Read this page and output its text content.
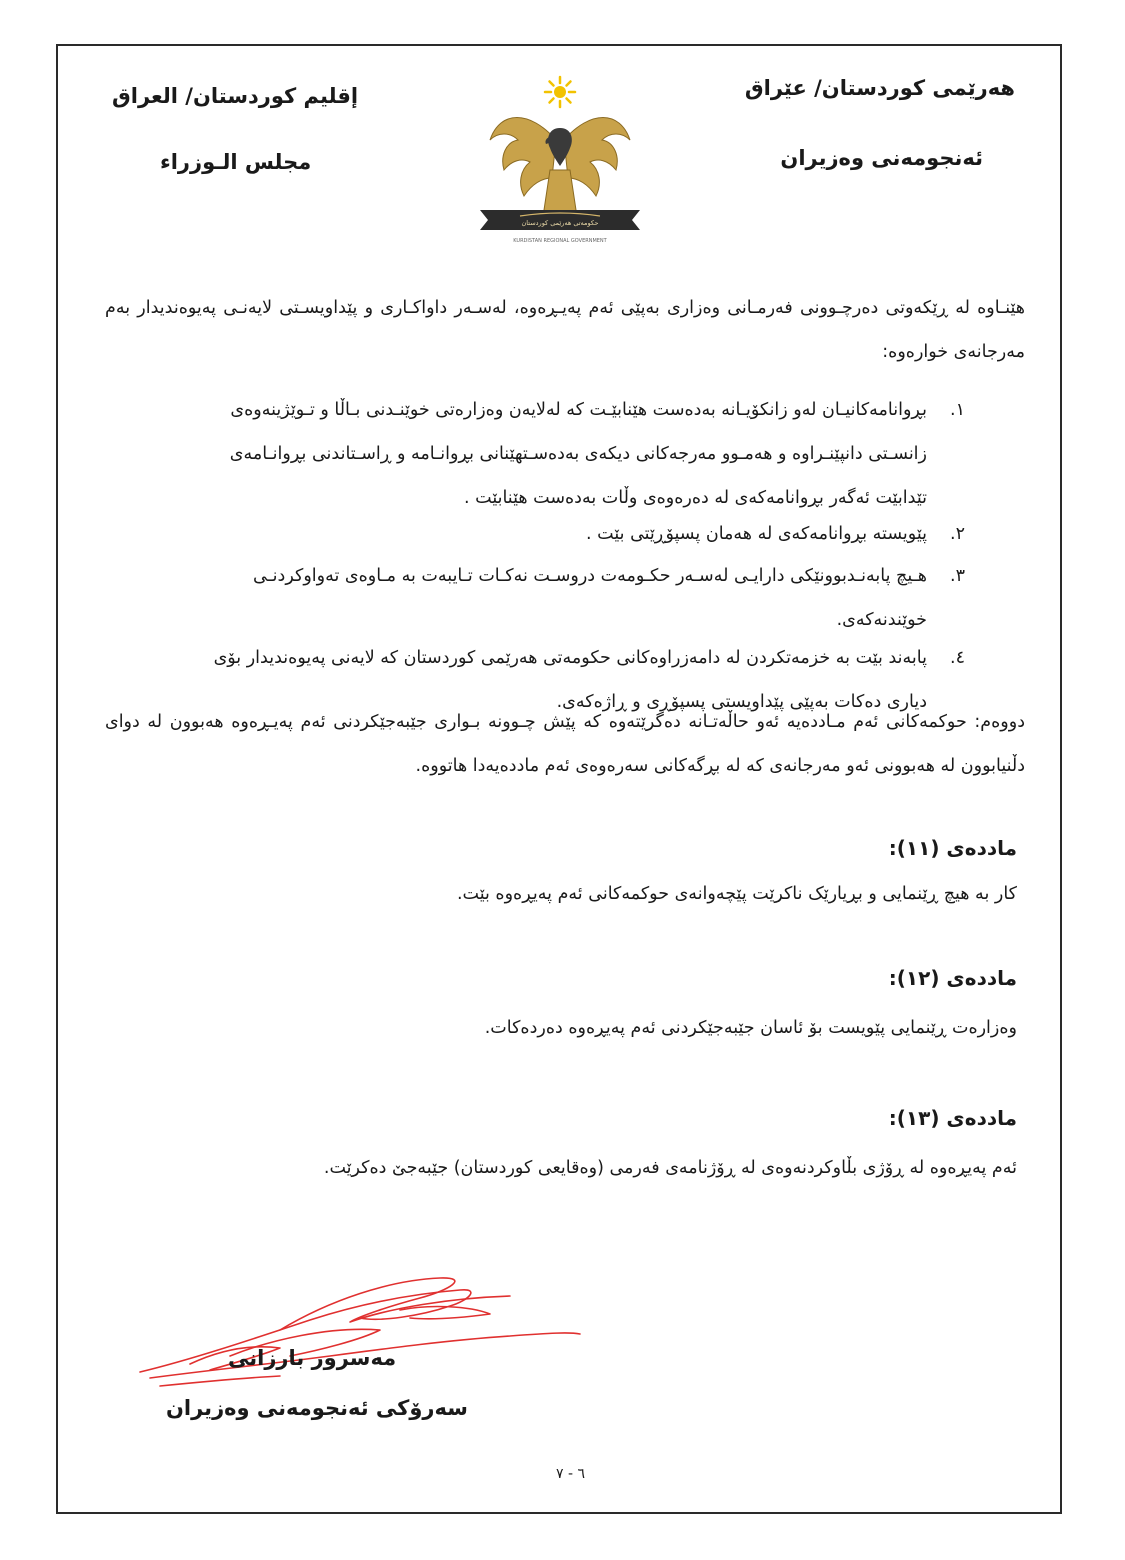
هەرێمی کوردستان/ عێراق
ئەنجومەنی وەزیران
إقليم كوردستان/ العراق
مجلس الـوزراء
حکومەتی هەرێمی کوردستان
KURDISTAN REGIONAL GOVERNMENT
هێنـاوە لە ڕێکەوتی دەرچـوونی فەرمـانی وەزاری بەپێی ئەم پەیـڕەوە، لەسـەر داواکـاری و پێداویسـتی لایەنـی پەیوەندیدار بەم مەرجانەی خوارەوە:
١.
بڕوانامەکانیـان لەو زانکۆیـانە بەدەست هێنابێـت کە لەلایەن وەزارەتی خوێنـدنی بـاڵا و تـوێژینەوەی زانسـتی دانپێنـراوە و هەمـوو مەرجەکانی دیکەی بەدەسـتهێنانی بڕوانـامە و ڕاسـتاندنی بڕوانـامەی تێدابێت ئەگەر بڕوانامەکەی لە دەرەوەی وڵات بەدەست هێنابێت .
٢.
پێویستە بڕوانامەکەی لە هەمان پسپۆڕێتی بێت .
٣.
هـیچ پابەنـدبوونێکی دارایـی لەسـەر حکـومەت دروسـت نەکـات تـایبەت بە مـاوەی تەواوکردنـی خوێندنەکەی.
٤.
پابەند بێت بە خزمەتکردن لە دامەزراوەکانی حکومەتی هەرێمی کوردستان کە لایەنی پەیوەندیدار بۆی دیاری دەکات بەپێی پێداویستی پسپۆڕی و ڕاژەکەی.
دووەم: حوکمەکانی ئەم مـاددەیە ئەو حاڵەتـانە دەگرێتەوە کە پێش چـوونە بـواری جێبەجێکردنی ئەم پەیـڕەوە هەبوون لە دوای دڵنیابوون لە هەبوونی ئەو مەرجانەی کە لە بڕگەکانی سەرەوەی ئەم ماددەیەدا هاتووە.
ماددەی (١١):
کار بە هیچ ڕێنمایی و بڕیارێک ناکرێت پێچەوانەی حوکمەکانی ئەم پەیڕەوە بێت.
ماددەی (١٢):
وەزارەت ڕێنمایی پێویست بۆ ئاسان جێبەجێکردنی ئەم پەیڕەوە دەردەکات.
ماددەی (١٣):
ئەم پەیڕەوە لە ڕۆژی بڵاوکردنەوەی لە ڕۆژنامەی فەرمی (وەقایعی کوردستان) جێبەجێ دەکرێت.
مەسرور بارزانی
سەرۆکی ئەنجومەنی وەزیران
٦ - ٧
